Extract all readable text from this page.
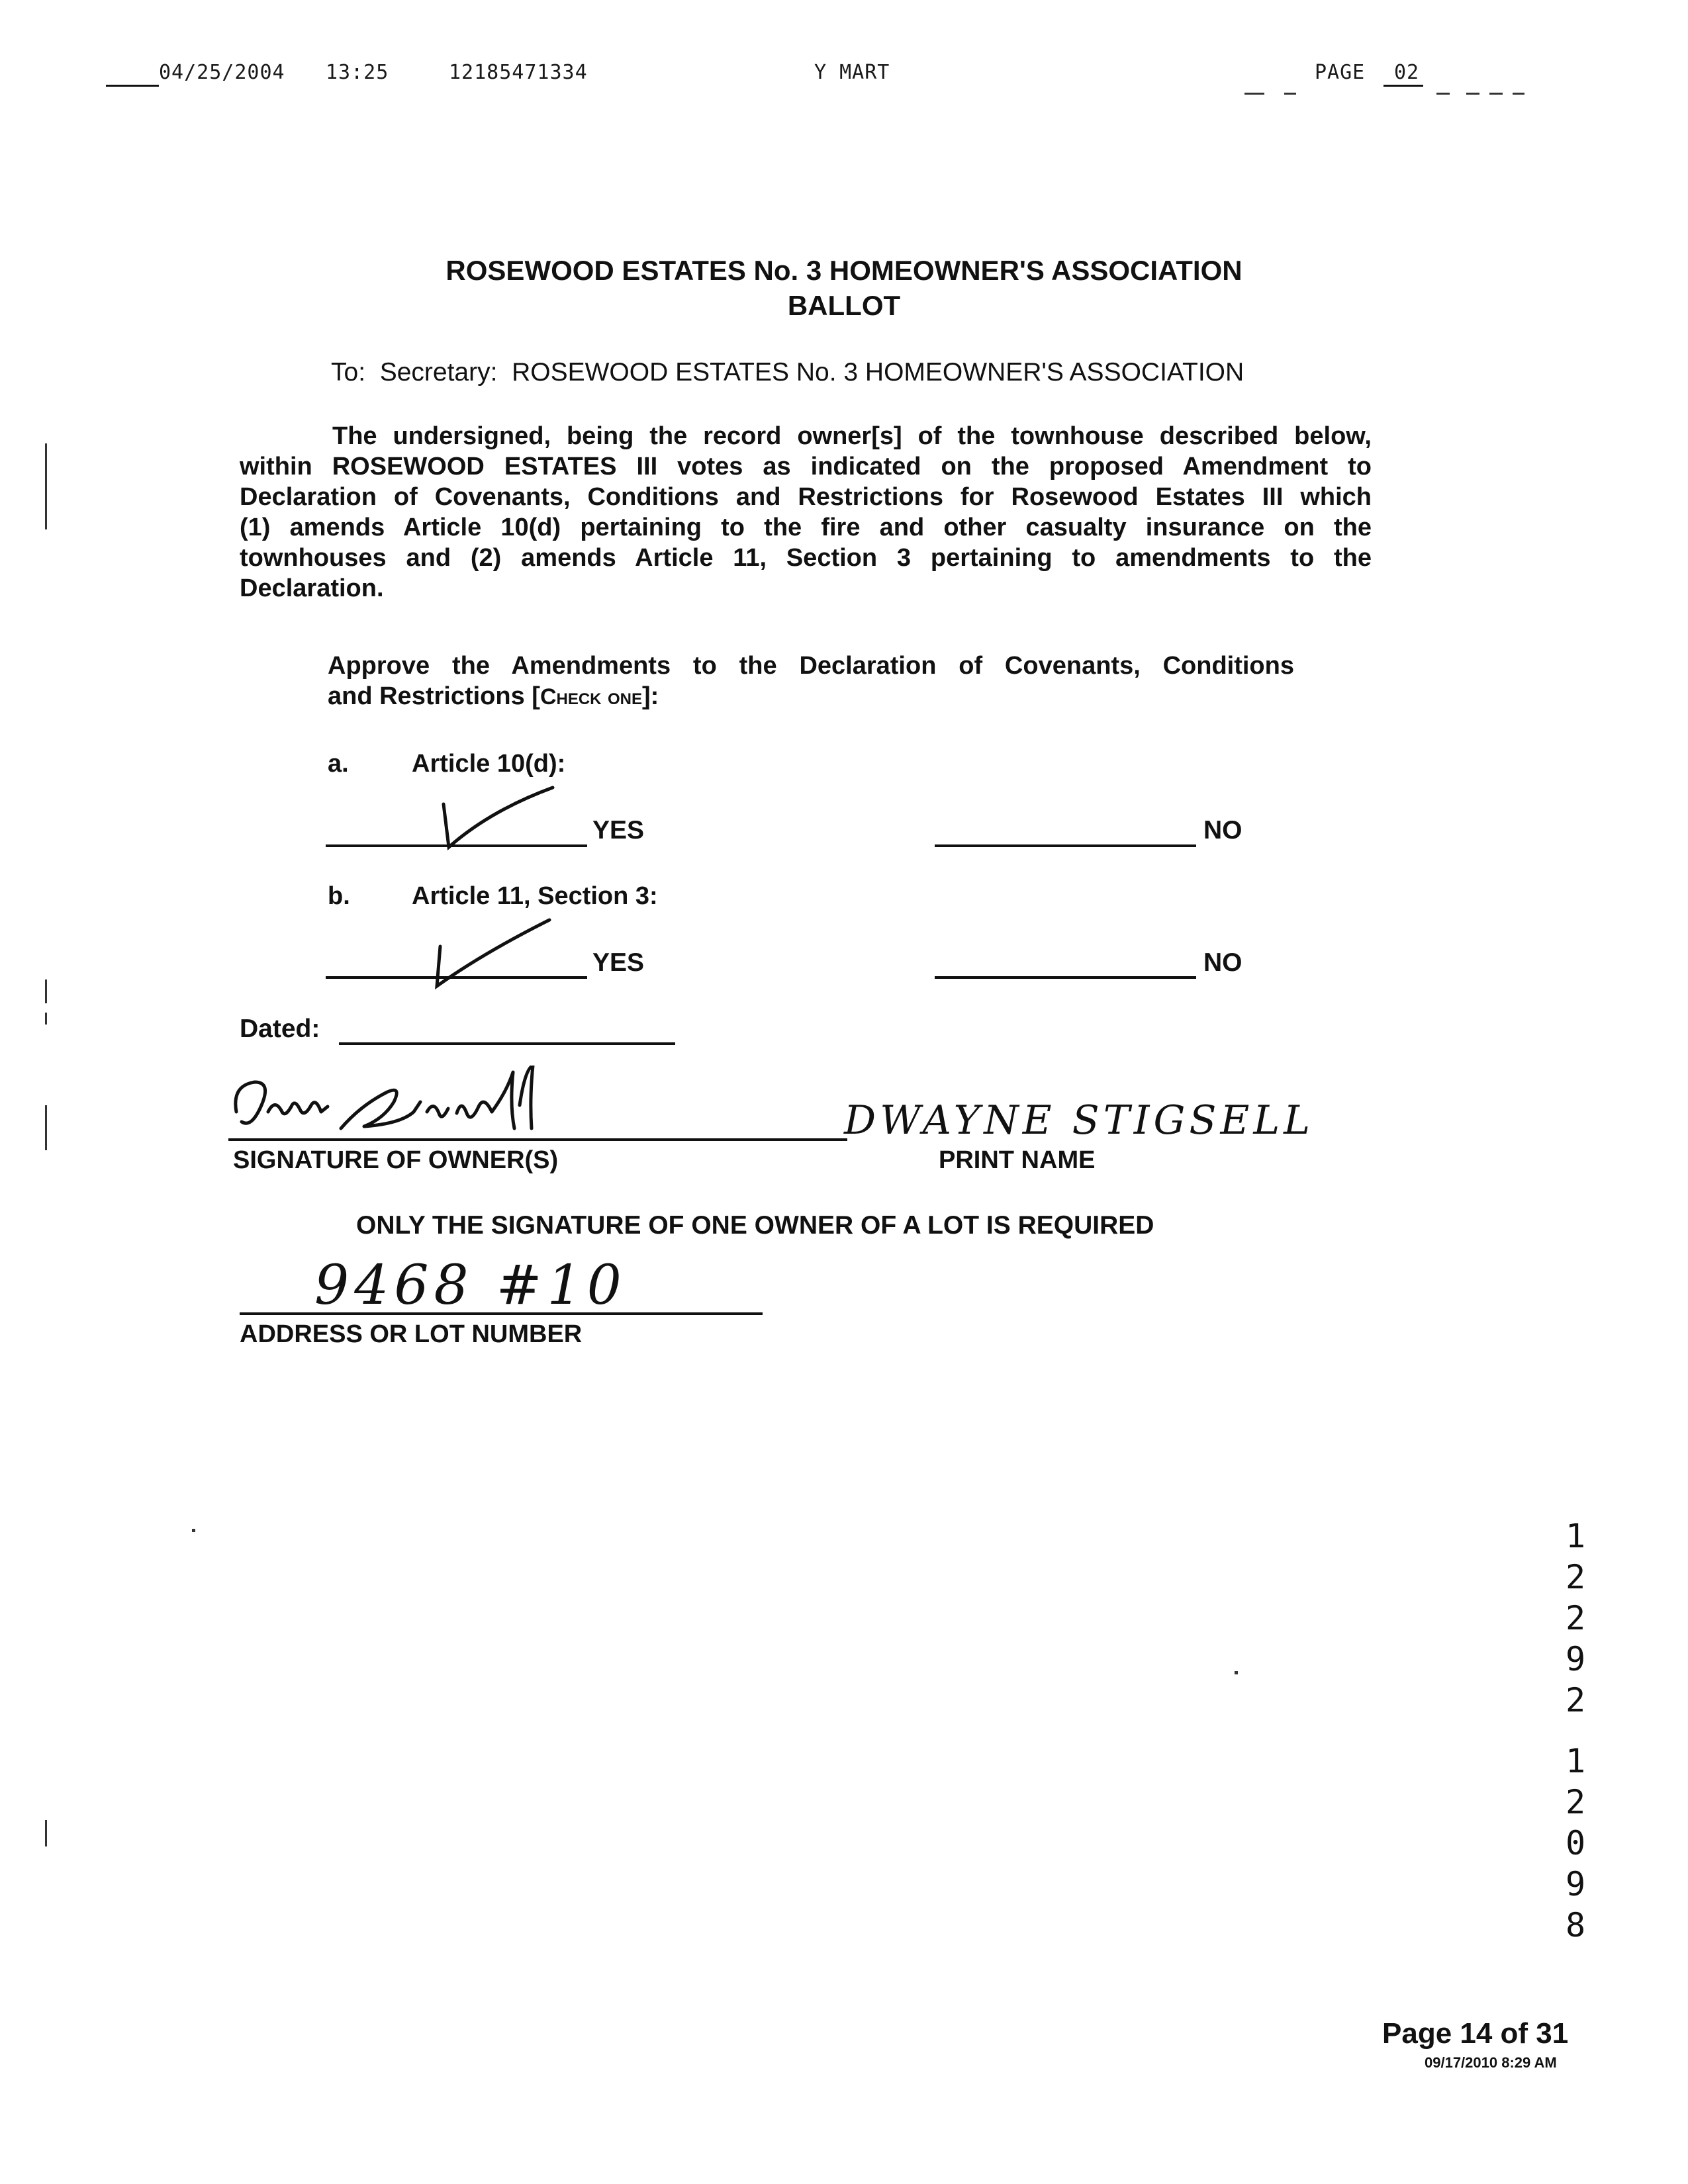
04/25/2004 13:25	12185471334	Y MART	PAGE 02
ROSEWOOD ESTATES No. 3 HOMEOWNER'S ASSOCIATION
BALLOT
To:  Secretary:  ROSEWOOD ESTATES No. 3 HOMEOWNER'S ASSOCIATION
The undersigned, being the record owner[s] of the townhouse described below,
within ROSEWOOD ESTATES III votes as indicated on the proposed Amendment to
Declaration of Covenants, Conditions and Restrictions for Rosewood Estates III which
(1) amends Article 10(d) pertaining to the fire and other casualty insurance on the
townhouses and (2) amends Article 11, Section 3 pertaining to amendments to the
Declaration.
Approve the Amendments to the Declaration of Covenants, Conditions
and Restrictions [Check one]:
a.	Article 10(d):
YES	NO
b. Article 11, Section 3:
YES	NO
Dated:
SIGNATURE OF OWNER(S)
DWAYNE STIGSELL
PRINT NAME
ONLY THE SIGNATURE OF ONE OWNER OF A LOT IS REQUIRED
9468 #10
ADDRESS OR LOT NUMBER
1
2
2
9
2
1
2
0
9
8
Page 14 of 31
09/17/2010 8:29 AM
